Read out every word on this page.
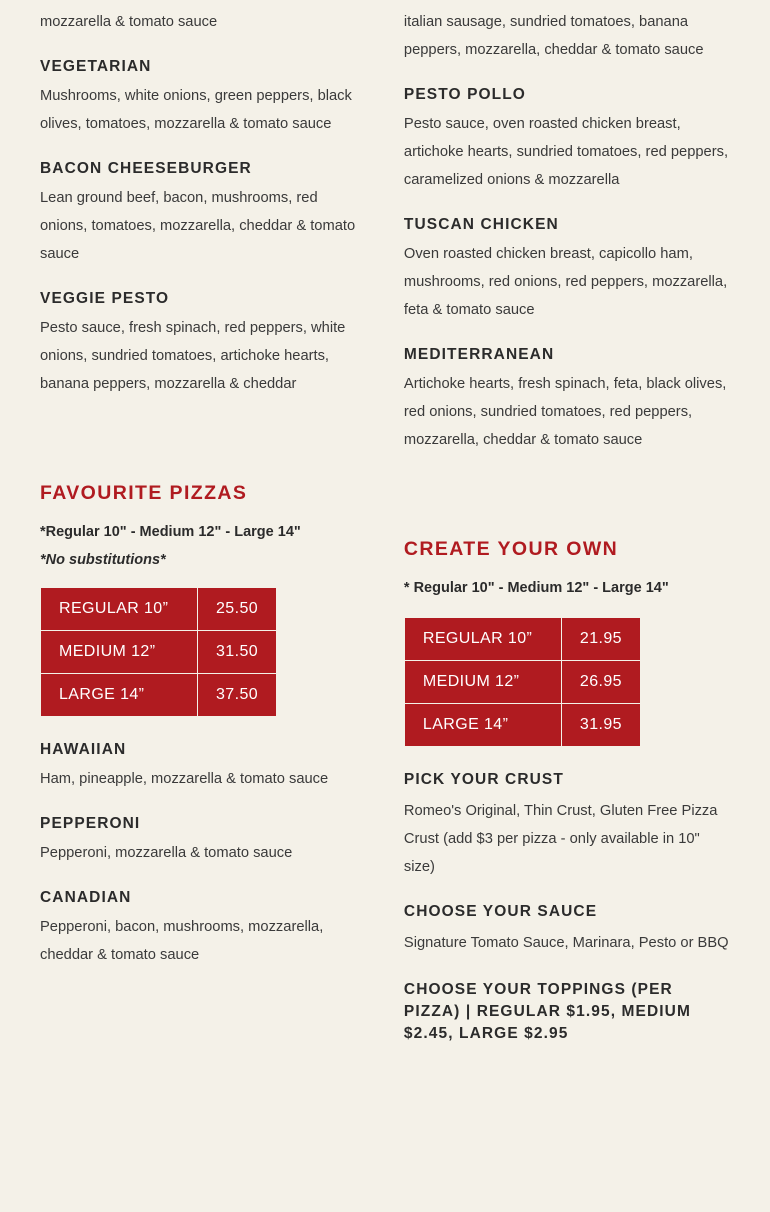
mozzarella & tomato sauce
VEGETARIAN
Mushrooms, white onions, green peppers, black olives, tomatoes, mozzarella & tomato sauce
BACON CHEESEBURGER
Lean ground beef, bacon, mushrooms, red onions, tomatoes, mozzarella, cheddar & tomato sauce
VEGGIE PESTO
Pesto sauce, fresh spinach, red peppers, white onions, sundried tomatoes, artichoke hearts, banana peppers, mozzarella & cheddar
FAVOURITE PIZZAS
*Regular 10" - Medium 12" - Large 14"
*No substitutions*
REGULAR 10”	25.50
MEDIUM 12”	31.50
LARGE 14”	37.50
HAWAIIAN
Ham, pineapple, mozzarella & tomato sauce
PEPPERONI
Pepperoni, mozzarella & tomato sauce
CANADIAN
Pepperoni, bacon, mushrooms, mozzarella, cheddar & tomato sauce
italian sausage, sundried tomatoes, banana peppers, mozzarella, cheddar & tomato sauce
PESTO POLLO
Pesto sauce, oven roasted chicken breast, artichoke hearts, sundried tomatoes, red peppers, caramelized onions & mozzarella
TUSCAN CHICKEN
Oven roasted chicken breast, capicollo ham, mushrooms, red onions, red peppers, mozzarella, feta & tomato sauce
MEDITERRANEAN
Artichoke hearts, fresh spinach, feta, black olives, red onions, sundried tomatoes, red peppers, mozzarella, cheddar & tomato sauce
CREATE YOUR OWN
* Regular 10" - Medium 12" - Large 14"
REGULAR 10”	21.95
MEDIUM 12”	26.95
LARGE 14”	31.95
PICK YOUR CRUST
Romeo's Original, Thin Crust, Gluten Free Pizza Crust (add $3 per pizza - only available in 10" size)
CHOOSE YOUR SAUCE
Signature Tomato Sauce, Marinara, Pesto or BBQ
CHOOSE YOUR TOPPINGS (PER
PIZZA) | REGULAR $1.95, MEDIUM
$2.45, LARGE $2.95
